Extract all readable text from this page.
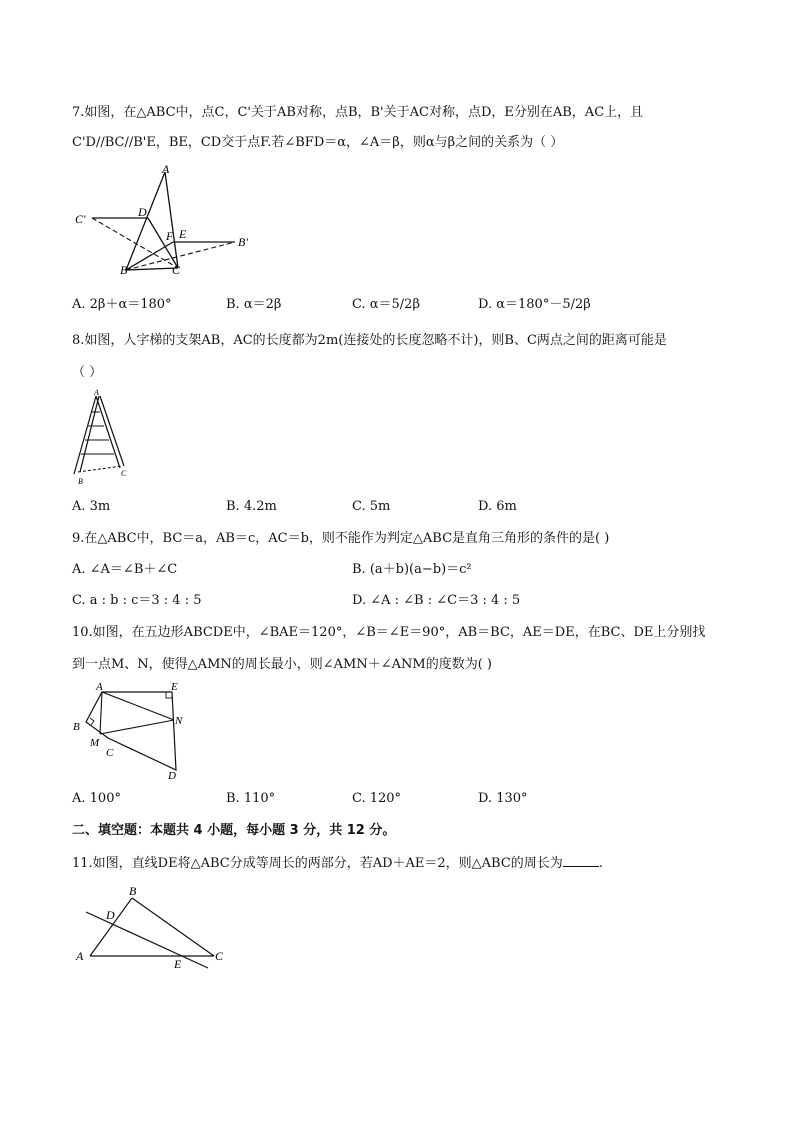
7.如图，在△ABC中，点C，C'关于AB对称，点B，B'关于AC对称，点D，E分别在AB，AC上，且
C'D//BC//B'E，BE，CD交于点F.若∠BFD＝α，∠A＝β，则α与β之间的关系为（ ）
A
C'	D
F E
B'
B	C
A. 2β＋α＝180°	B. α＝2β	C. α＝5/2β	D. α＝180°－5/2β
8.如图，人字梯的支架AB，AC的长度都为2m(连接处的长度忽略不计)，则B、C两点之间的距离可能是
（ ）
A
B
C
A. 3m	B. 4.2m	C. 5m	D. 6m
9.在△ABC中，BC＝a，AB＝c，AC＝b，则不能作为判定△ABC是直角三角形的条件的是( )
A. ∠A＝∠B＋∠C	B. (a＋b)(a−b)＝c²
C. a : b : c＝3 : 4 : 5	D. ∠A : ∠B : ∠C＝3 : 4 : 5
10.如图，在五边形ABCDE中，∠BAE＝120°，∠B＝∠E＝90°，AB＝BC，AE＝DE，在BC、DE上分别找
到一点M、N，使得△AMN的周长最小，则∠AMN＋∠ANM的度数为( )
A	E
N
B
M
C
D
A. 100°	B. 110°	C. 120°	D. 130°
二、填空题：本题共 4 小题，每小题 3 分，共 12 分。
11.如图，直线DE将△ABC分成等周长的两部分，若AD＋AE＝2，则△ABC的周长为	.
B
D
A
E
C
